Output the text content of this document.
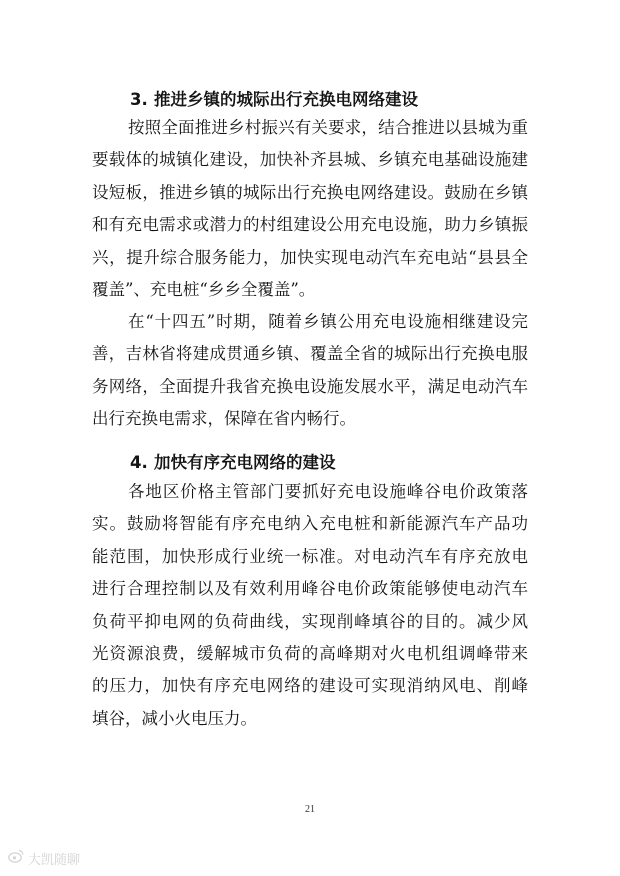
3. 推进乡镇的城际出行充换电网络建设
按照全面推进乡村振兴有关要求，结合推进以县城为重
要载体的城镇化建设，加快补齐县城、乡镇充电基础设施建
设短板，推进乡镇的城际出行充换电网络建设。鼓励在乡镇
和有充电需求或潜力的村组建设公用充电设施，助力乡镇振
兴，提升综合服务能力，加快实现电动汽车充电站“县县全
覆盖”、充电桩“乡乡全覆盖”。
在“十四五”时期，随着乡镇公用充电设施相继建设完
善，吉林省将建成贯通乡镇、覆盖全省的城际出行充换电服
务网络，全面提升我省充换电设施发展水平，满足电动汽车
出行充换电需求，保障在省内畅行。
4. 加快有序充电网络的建设
各地区价格主管部门要抓好充电设施峰谷电价政策落
实。鼓励将智能有序充电纳入充电桩和新能源汽车产品功
能范围，加快形成行业统一标准。对电动汽车有序充放电
进行合理控制以及有效利用峰谷电价政策能够使电动汽车
负荷平抑电网的负荷曲线，实现削峰填谷的目的。减少风
光资源浪费，缓解城市负荷的高峰期对火电机组调峰带来
的压力，加快有序充电网络的建设可实现消纳风电、削峰
填谷，减小火电压力。
21
大凯随聊
